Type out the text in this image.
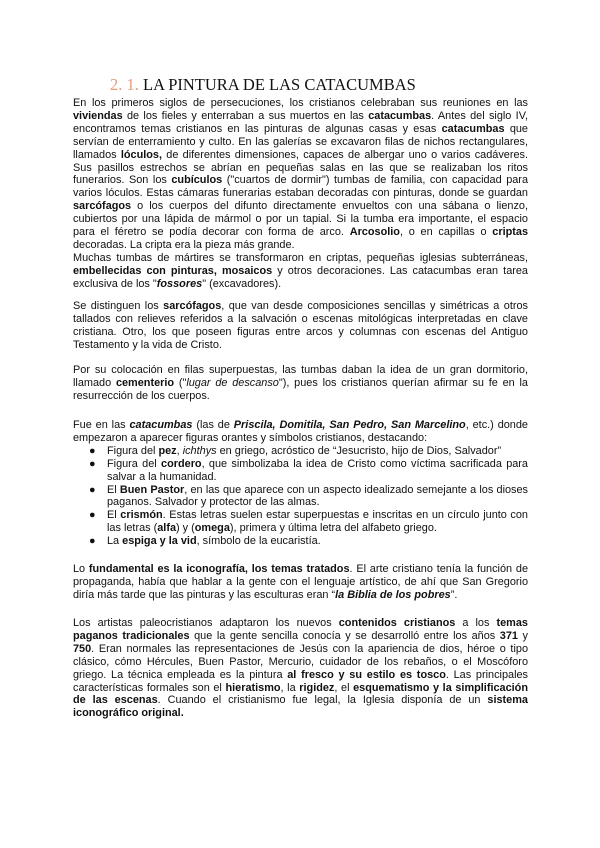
2. 1. LA PINTURA DE LAS CATACUMBAS

En los primeros siglos de persecuciones, los cristianos celebraban sus reuniones en las viviendas de los fieles y enterraban a sus muertos en las catacumbas. Antes del siglo IV, encontramos temas cristianos en las pinturas de algunas casas y esas catacumbas que servían de enterramiento y culto. En las galerías se excavaron filas de nichos rectangulares, llamados lóculos, de diferentes dimensiones, capaces de albergar uno o varios cadáveres. Sus pasillos estrechos se abrían en pequeñas salas en las que se realizaban los ritos funerarios. Son los cubículos ("cuartos de dormir") tumbas de familia, con capacidad para varios lóculos. Estas cámaras funerarias estaban decoradas con pinturas, donde se guardan sarcófagos o los cuerpos del difunto directamente envueltos con una sábana o lienzo, cubiertos por una lápida de mármol o por un tapial. Si la tumba era importante, el espacio para el féretro se podía decorar con forma de arco. Arcosolio, o en capillas o criptas decoradas. La cripta era la pieza más grande.

Muchas tumbas de mártires se transformaron en criptas, pequeñas iglesias subterráneas, embellecidas con pinturas, mosaicos y otros decoraciones. Las catacumbas eran tarea exclusiva de los "fossores" (excavadores).

Se distinguen los sarcófagos, que van desde composiciones sencillas y simétricas a otros tallados con relieves referidos a la salvación o escenas mitológicas interpretadas en clave cristiana. Otro, los que poseen figuras entre arcos y columnas con escenas del Antiguo Testamento y la vida de Cristo.

Por su colocación en filas superpuestas, las tumbas daban la idea de un gran dormitorio, llamado cementerio ("lugar de descanso"), pues los cristianos querían afirmar su fe en la resurrección de los cuerpos.

Fue en las catacumbas (las de Priscila, Domitila, San Pedro, San Marcelino, etc.) donde empezaron a aparecer figuras orantes y símbolos cristianos, destacando:

● Figura del pez, ichthys en griego, acróstico de “Jesucristo, hijo de Dios, Salvador”
● Figura del cordero, que simbolizaba la idea de Cristo como víctima sacrificada para salvar a la humanidad.
● El Buen Pastor, en las que aparece con un aspecto idealizado semejante a los dioses paganos. Salvador y protector de las almas.
● El crismón. Estas letras suelen estar superpuestas e inscritas en un círculo junto con las letras (alfa) y (omega), primera y última letra del alfabeto griego.
● La espiga y la vid, símbolo de la eucaristía.

Lo fundamental es la iconografía, los temas tratados. El arte cristiano tenía la función de propaganda, había que hablar a la gente con el lenguaje artístico, de ahí que San Gregorio diría más tarde que las pinturas y las esculturas eran “la Biblia de los pobres”.

Los artistas paleocristianos adaptaron los nuevos contenidos cristianos a los temas paganos tradicionales que la gente sencilla conocía y se desarrolló entre los años 371 y 750. Eran normales las representaciones de Jesús con la apariencia de dios, héroe o tipo clásico, cómo Hércules, Buen Pastor, Mercurio, cuidador de los rebaños, o el Moscóforo griego. La técnica empleada es la pintura al fresco y su estilo es tosco. Las principales características formales son el hieratismo, la rigidez, el esquematismo y la simplificación de las escenas. Cuando el cristianismo fue legal, la Iglesia disponía de un sistema iconográfico original.
